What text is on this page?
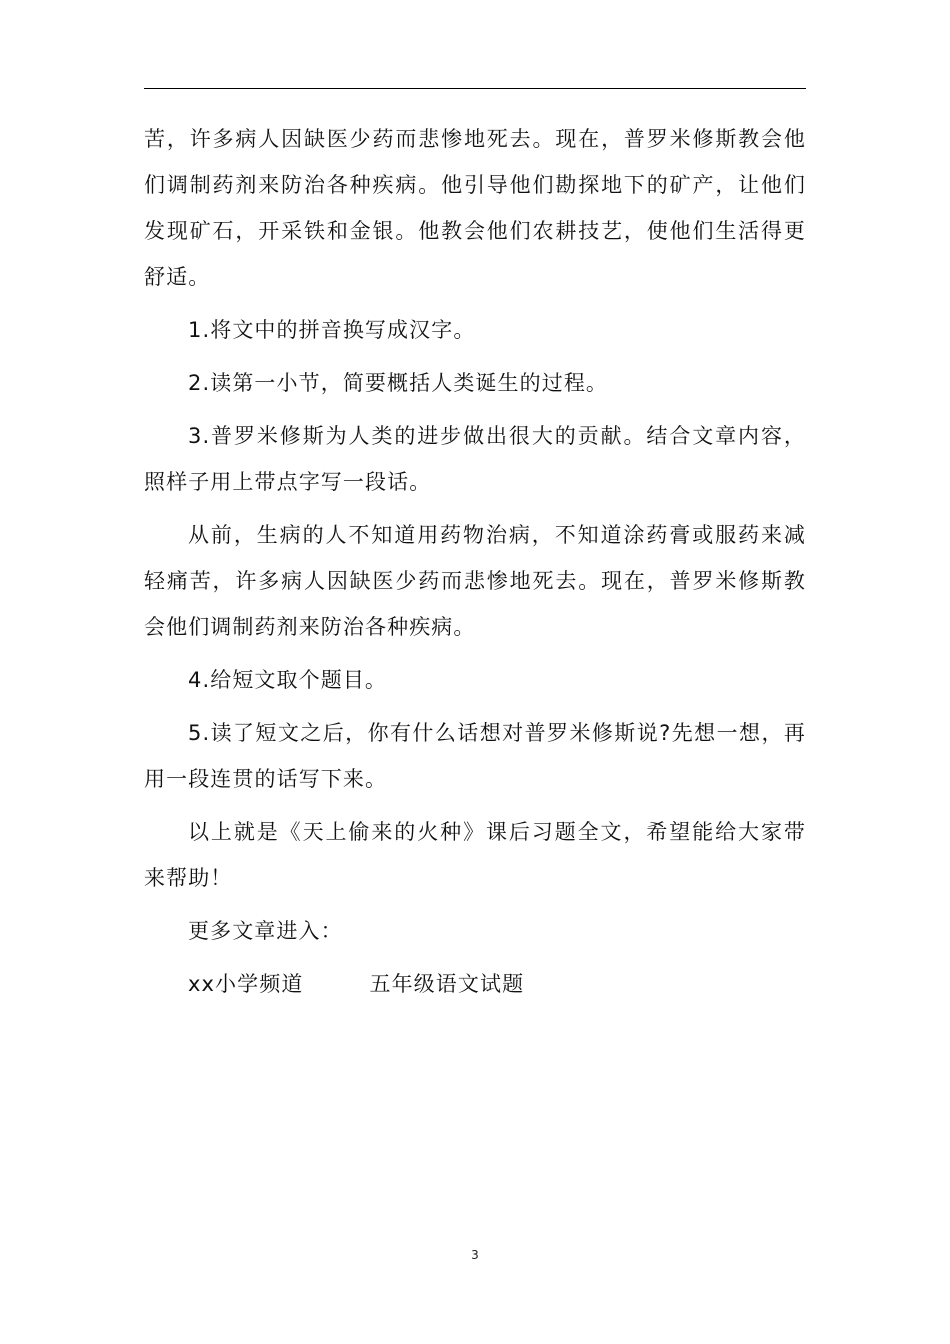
苦，许多病人因缺医少药而悲惨地死去。现在，普罗米修斯教会他们调制药剂来防治各种疾病。他引导他们勘探地下的矿产，让他们发现矿石，开采铁和金银。他教会他们农耕技艺，使他们生活得更舒适。

1.将文中的拼音换写成汉字。

2.读第一小节，简要概括人类诞生的过程。

3.普罗米修斯为人类的进步做出很大的贡献。结合文章内容，照样子用上带点字写一段话。

从前，生病的人不知道用药物治病，不知道涂药膏或服药来减轻痛苦，许多病人因缺医少药而悲惨地死去。现在，普罗米修斯教会他们调制药剂来防治各种疾病。

4.给短文取个题目。

5.读了短文之后，你有什么话想对普罗米修斯说?先想一想，再用一段连贯的话写下来。

以上就是《天上偷来的火种》课后习题全文，希望能给大家带来帮助！

更多文章进入：

xx小学频道	五年级语文试题

3
